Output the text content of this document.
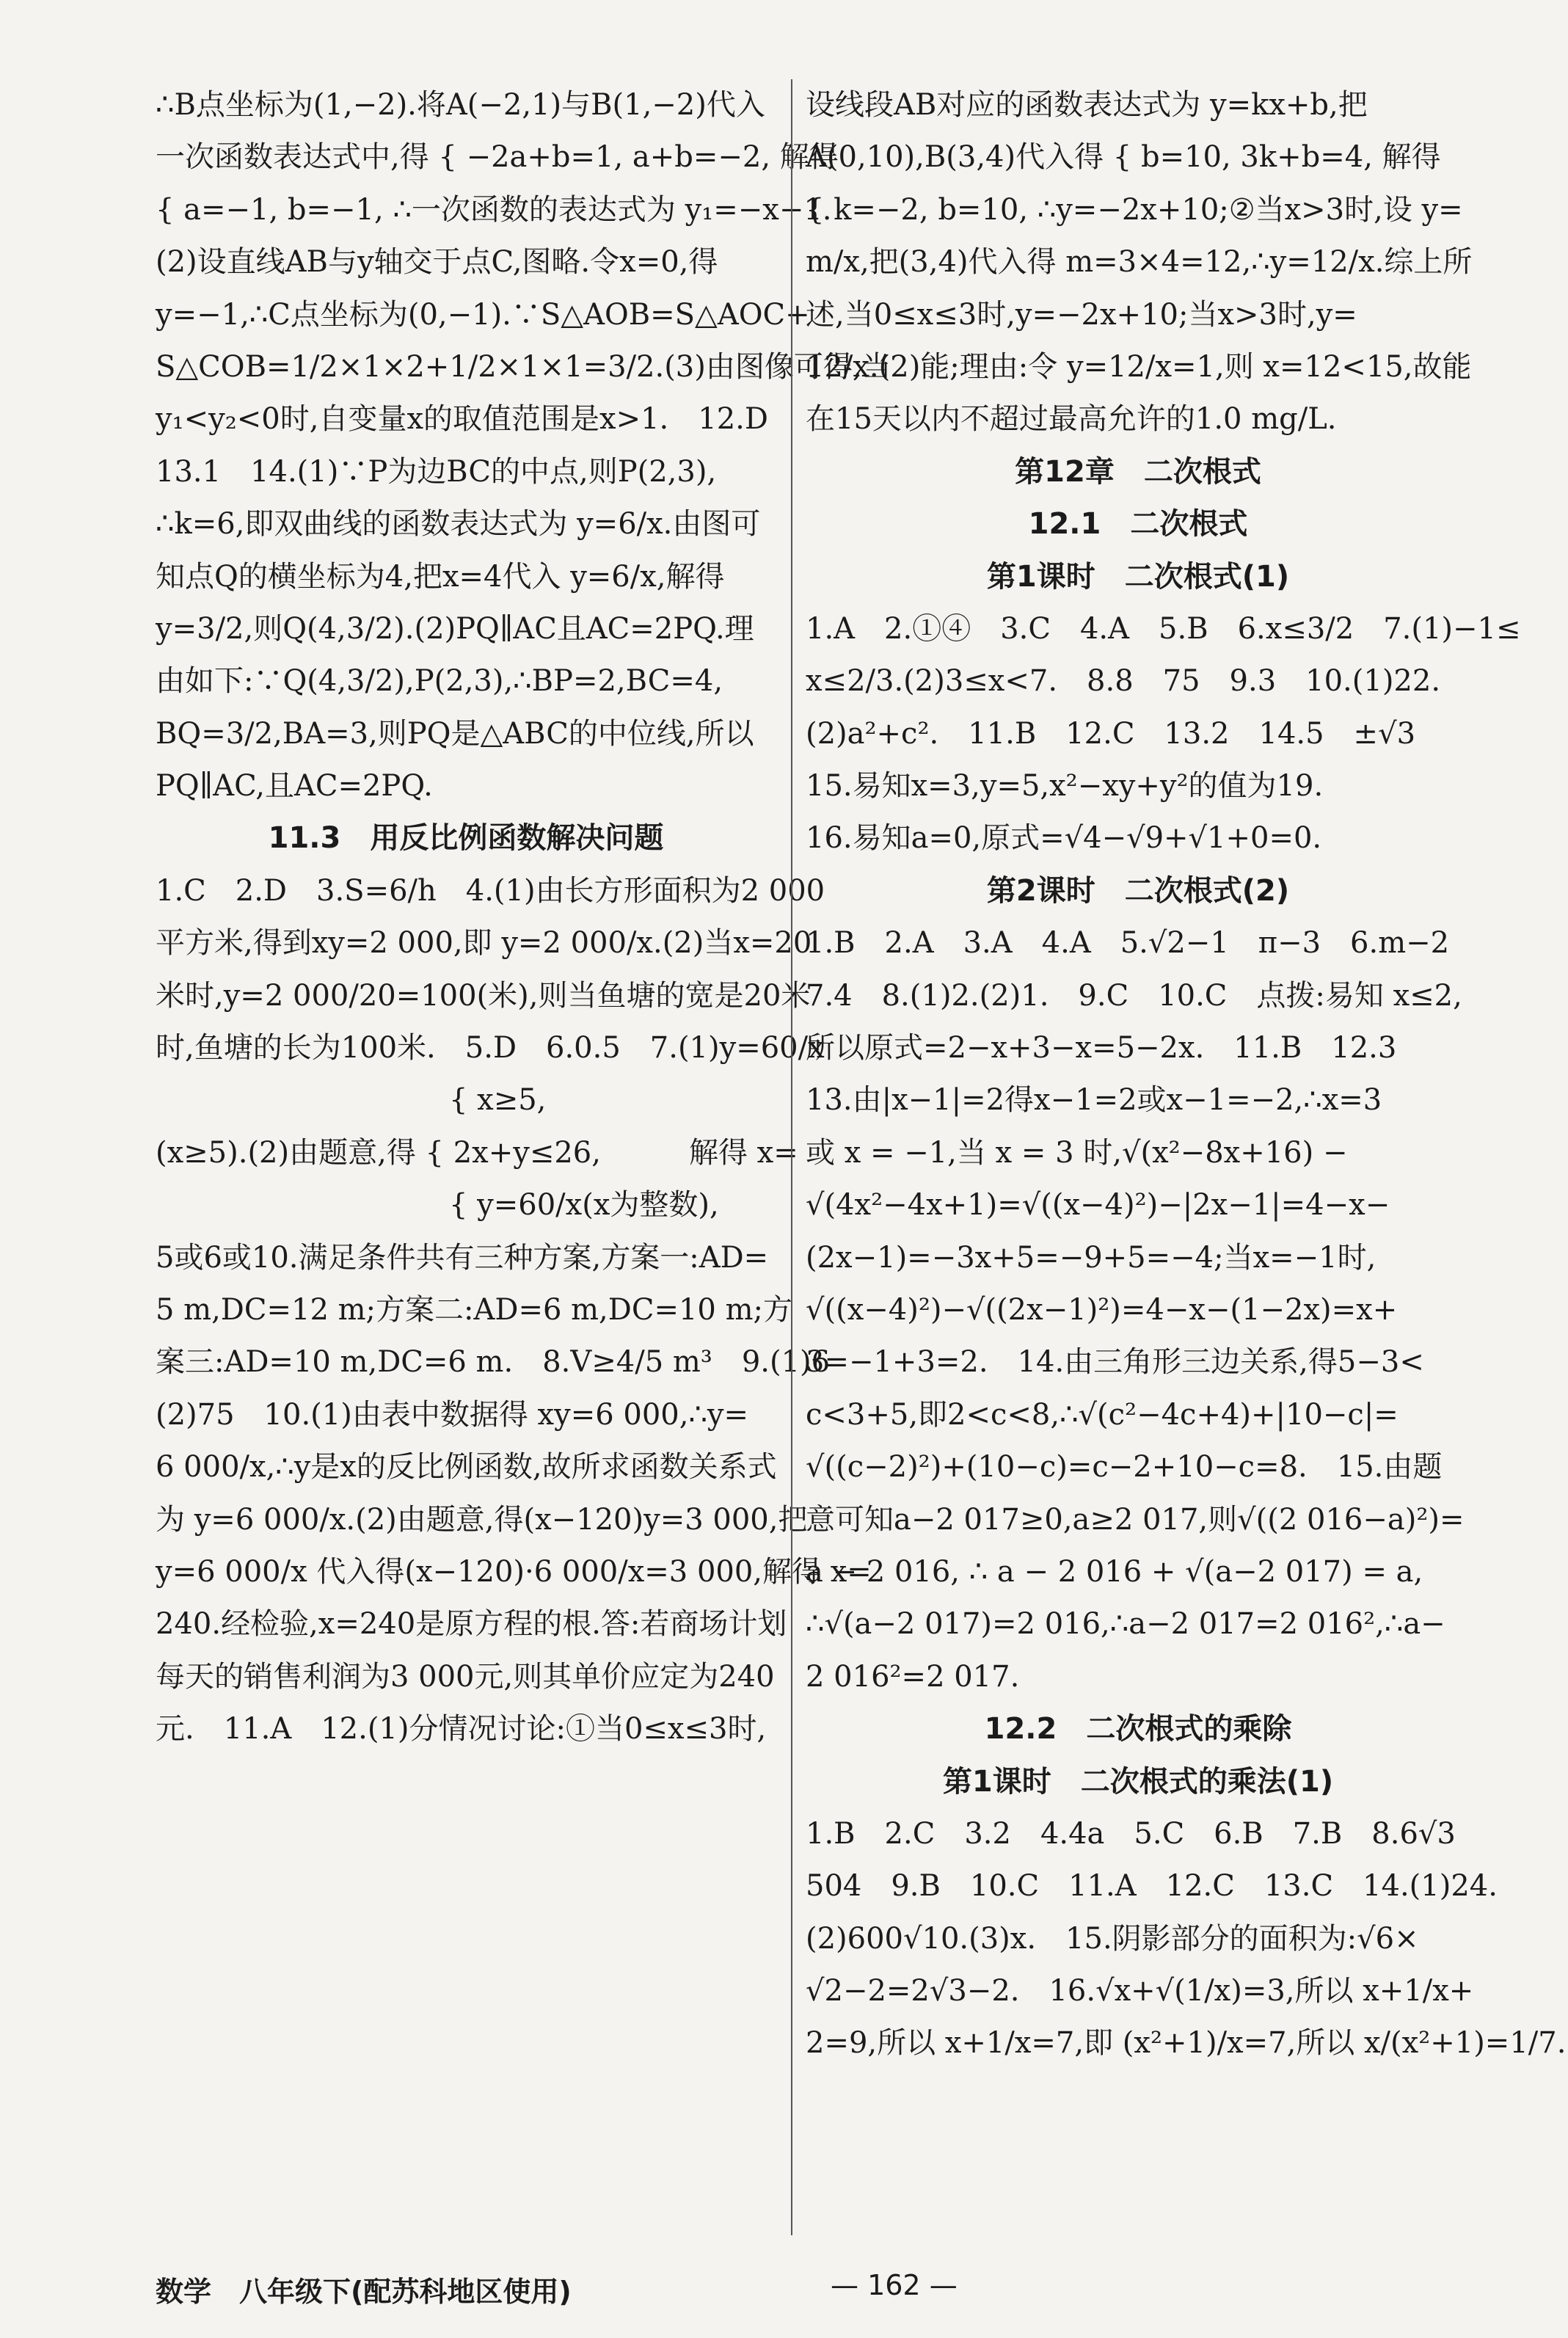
∴B点坐标为(1,−2).将A(−2,1)与B(1,−2)代入
一次函数表达式中,得 { −2a+b=1, a+b=−2, 解得
{ a=−1, b=−1, ∴一次函数的表达式为 y₁=−x−1.
(2)设直线AB与y轴交于点C,图略.令x=0,得
y=−1,∴C点坐标为(0,−1).∵S△AOB=S△AOC+
S△COB=1/2×1×2+1/2×1×1=3/2.(3)由图像可得,当
y₁<y₂<0时,自变量x的取值范围是x>1.　12.D
13.1　14.(1)∵P为边BC的中点,则P(2,3),
∴k=6,即双曲线的函数表达式为 y=6/x.由图可
知点Q的横坐标为4,把x=4代入 y=6/x,解得
y=3/2,则Q(4,3/2).(2)PQ∥AC且AC=2PQ.理
由如下:∵Q(4,3/2),P(2,3),∴BP=2,BC=4,
BQ=3/2,BA=3,则PQ是△ABC的中位线,所以
PQ∥AC,且AC=2PQ.
11.3　用反比例函数解决问题
1.C　2.D　3.S=6/h　4.(1)由长方形面积为2 000
平方米,得到xy=2 000,即 y=2 000/x.(2)当x=20
米时,y=2 000/20=100(米),则当鱼塘的宽是20米
时,鱼塘的长为100米.　5.D　6.0.5　7.(1)y=60/x
　　　　　　　　　　{ x≥5,
(x≥5).(2)由题意,得 { 2x+y≤26,　　　解得 x=
　　　　　　　　　　{ y=60/x(x为整数),
5或6或10.满足条件共有三种方案,方案一:AD=
5 m,DC=12 m;方案二:AD=6 m,DC=10 m;方
案三:AD=10 m,DC=6 m.　8.V≥4/5 m³　9.(1)6
(2)75　10.(1)由表中数据得 xy=6 000,∴y=
6 000/x,∴y是x的反比例函数,故所求函数关系式
为 y=6 000/x.(2)由题意,得(x−120)y=3 000,把
y=6 000/x 代入得(x−120)·6 000/x=3 000,解得 x=
240.经检验,x=240是原方程的根.答:若商场计划
每天的销售利润为3 000元,则其单价应定为240
元.　11.A　12.(1)分情况讨论:①当0≤x≤3时,
设线段AB对应的函数表达式为 y=kx+b,把
A(0,10),B(3,4)代入得 { b=10, 3k+b=4, 解得
{ k=−2, b=10, ∴y=−2x+10;②当x>3时,设 y=
m/x,把(3,4)代入得 m=3×4=12,∴y=12/x.综上所
述,当0≤x≤3时,y=−2x+10;当x>3时,y=
12/x.(2)能;理由:令 y=12/x=1,则 x=12<15,故能
在15天以内不超过最高允许的1.0 mg/L.
第12章　二次根式
12.1　二次根式
第1课时　二次根式(1)
1.A　2.①④　3.C　4.A　5.B　6.x≤3/2　7.(1)−1≤
x≤2/3.(2)3≤x<7.　8.8　75　9.3　10.(1)22.
(2)a²+c².　11.B　12.C　13.2　14.5　±√3
15.易知x=3,y=5,x²−xy+y²的值为19.
16.易知a=0,原式=√4−√9+√1+0=0.
第2课时　二次根式(2)
1.B　2.A　3.A　4.A　5.√2−1　π−3　6.m−2
7.4　8.(1)2.(2)1.　9.C　10.C　点拨:易知 x≤2,
所以原式=2−x+3−x=5−2x.　11.B　12.3
13.由|x−1|=2得x−1=2或x−1=−2,∴x=3
或 x = −1,当 x = 3 时,√(x²−8x+16) −
√(4x²−4x+1)=√((x−4)²)−|2x−1|=4−x−
(2x−1)=−3x+5=−9+5=−4;当x=−1时,
√((x−4)²)−√((2x−1)²)=4−x−(1−2x)=x+
3=−1+3=2.　14.由三角形三边关系,得5−3<
c<3+5,即2<c<8,∴√(c²−4c+4)+|10−c|=
√((c−2)²)+(10−c)=c−2+10−c=8.　15.由题
意可知a−2 017≥0,a≥2 017,则√((2 016−a)²)=
a − 2 016, ∴ a − 2 016 + √(a−2 017) = a,
∴√(a−2 017)=2 016,∴a−2 017=2 016²,∴a−
2 016²=2 017.
12.2　二次根式的乘除
第1课时　二次根式的乘法(1)
1.B　2.C　3.2　4.4a　5.C　6.B　7.B　8.6√3
504　9.B　10.C　11.A　12.C　13.C　14.(1)24.
(2)600√10.(3)x.　15.阴影部分的面积为:√6×
√2−2=2√3−2.　16.√x+√(1/x)=3,所以 x+1/x+
2=9,所以 x+1/x=7,即 (x²+1)/x=7,所以 x/(x²+1)=1/7.
数学　八年级下(配苏科地区使用)	— 162 —
